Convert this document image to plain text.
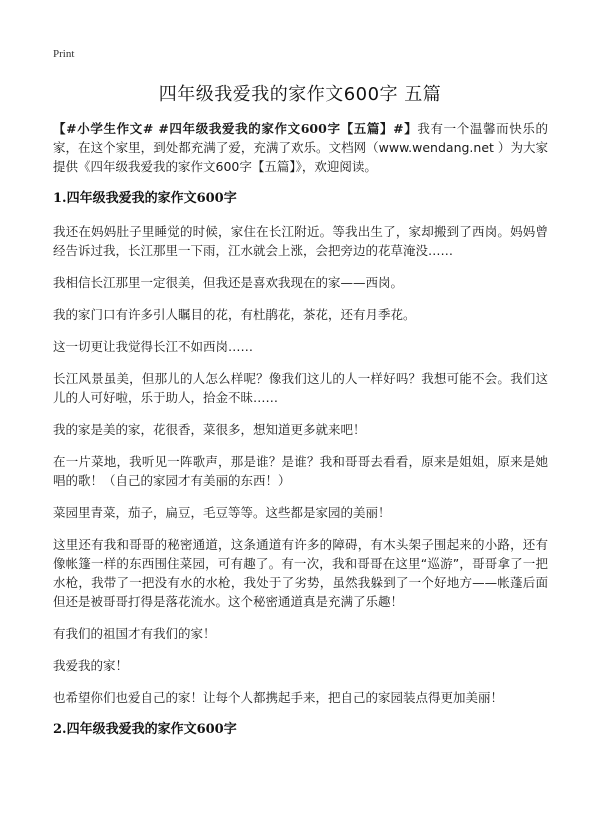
Print
四年级我爱我的家作文600字 五篇

【#小学生作文# #四年级我爱我的家作文600字【五篇】#】我有一个温馨而快乐的家，在这个家里，到处都充满了爱，充满了欢乐。文档网（www.wendang.net ）为大家提供《四年级我爱我的家作文600字【五篇】》，欢迎阅读。

1.四年级我爱我的家作文600字

我还在妈妈肚子里睡觉的时候，家住在长江附近。等我出生了，家却搬到了西岗。妈妈曾经告诉过我，长江那里一下雨，江水就会上涨，会把旁边的花草淹没……

我相信长江那里一定很美，但我还是喜欢我现在的家——西岗。

我的家门口有许多引人瞩目的花，有杜鹃花，茶花，还有月季花。

这一切更让我觉得长江不如西岗……

长江风景虽美，但那儿的人怎么样呢？像我们这儿的人一样好吗？我想可能不会。我们这儿的人可好啦，乐于助人，拾金不昧……

我的家是美的家，花很香，菜很多，想知道更多就来吧！

在一片菜地，我听见一阵歌声，那是谁？是谁？我和哥哥去看看，原来是姐姐，原来是她唱的歌！（自己的家园才有美丽的东西！）

菜园里青菜，茄子，扁豆，毛豆等等。这些都是家园的美丽！

这里还有我和哥哥的秘密通道，这条通道有许多的障碍，有木头架子围起来的小路，还有像帐篷一样的东西围住菜园，可有趣了。有一次，我和哥哥在这里“巡游”，哥哥拿了一把水枪，我带了一把没有水的水枪，我处于了劣势，虽然我躲到了一个好地方——帐蓬后面但还是被哥哥打得是落花流水。这个秘密通道真是充满了乐趣！

有我们的祖国才有我们的家！

我爱我的家！

也希望你们也爱自己的家！让每个人都携起手来，把自己的家园装点得更加美丽！

2.四年级我爱我的家作文600字
